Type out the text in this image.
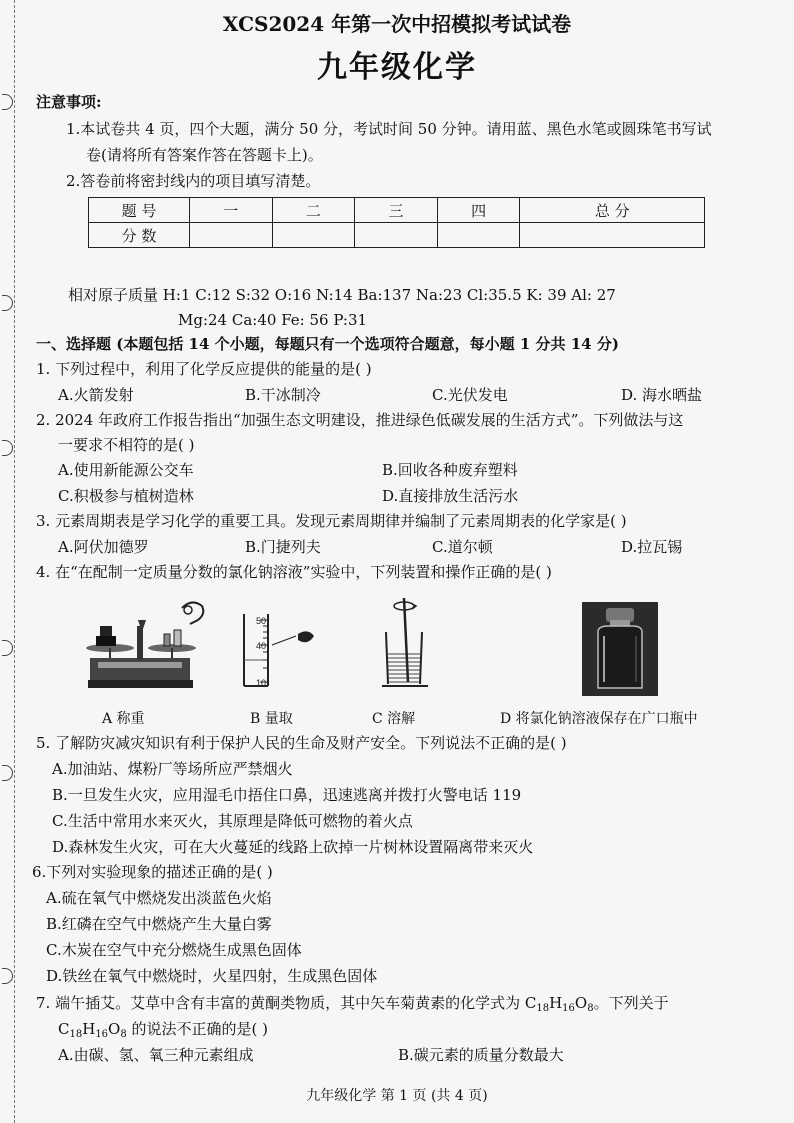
XCS2024 年第一次中招模拟考试试卷
九年级化学
注意事项:
1.本试卷共 4 页，四个大题，满分 50 分，考试时间 50 分钟。请用蓝、黑色水笔或圆珠笔书写试
卷(请将所有答案作答在答题卡上)。
2.答卷前将密封线内的项目填写清楚。
题 号	一	二	三	四	总 分
分 数					
相对原子质量 H:1 C:12 S:32 O:16 N:14 Ba:137 Na:23 Cl:35.5 K: 39 Al: 27
Mg:24 Ca:40 Fe: 56 P:31
一、选择题 (本题包括 14 个小题，每题只有一个选项符合题意，每小题 1 分共 14 分)
1. 下列过程中，利用了化学反应提供的能量的是( )
A.火箭发射	B.干冰制冷	C.光伏发电	D. 海水晒盐
2. 2024 年政府工作报告指出“加强生态文明建设，推进绿色低碳发展的生活方式”。下列做法与这
一要求不相符的是( )
A.使用新能源公交车	B.回收各种废弃塑料
C.积极参与植树造林	D.直接排放生活污水
3. 元素周期表是学习化学的重要工具。发现元素周期律并编制了元素周期表的化学家是( )
A.阿伏加德罗	B.门捷列夫	C.道尔顿	D.拉瓦锡
4. 在“在配制一定质量分数的氯化钠溶液”实验中，下列装置和操作正确的是( )
50
40
10
A 称重	B 量取	C 溶解	D 将氯化钠溶液保存在广口瓶中
5. 了解防灾减灾知识有利于保护人民的生命及财产安全。下列说法不正确的是( )
A.加油站、煤粉厂等场所应严禁烟火
B.一旦发生火灾，应用湿毛巾捂住口鼻，迅速逃离并拨打火警电话 119
C.生活中常用水来灭火，其原理是降低可燃物的着火点
D.森林发生火灾，可在大火蔓延的线路上砍掉一片树林设置隔离带来灭火
6.下列对实验现象的描述正确的是( )
A.硫在氧气中燃烧发出淡蓝色火焰
B.红磷在空气中燃烧产生大量白雾
C.木炭在空气中充分燃烧生成黑色固体
D.铁丝在氧气中燃烧时，火星四射，生成黑色固体
7. 端午插艾。艾草中含有丰富的黄酮类物质，其中矢车菊黄素的化学式为 $C_{18}H_{16}O_8$。下列关于
$C_{18}H_{16}O_8$ 的说法不正确的是( )
A.由碳、氢、氧三种元素组成	B.碳元素的质量分数最大
九年级化学 第 1 页 (共 4 页)
